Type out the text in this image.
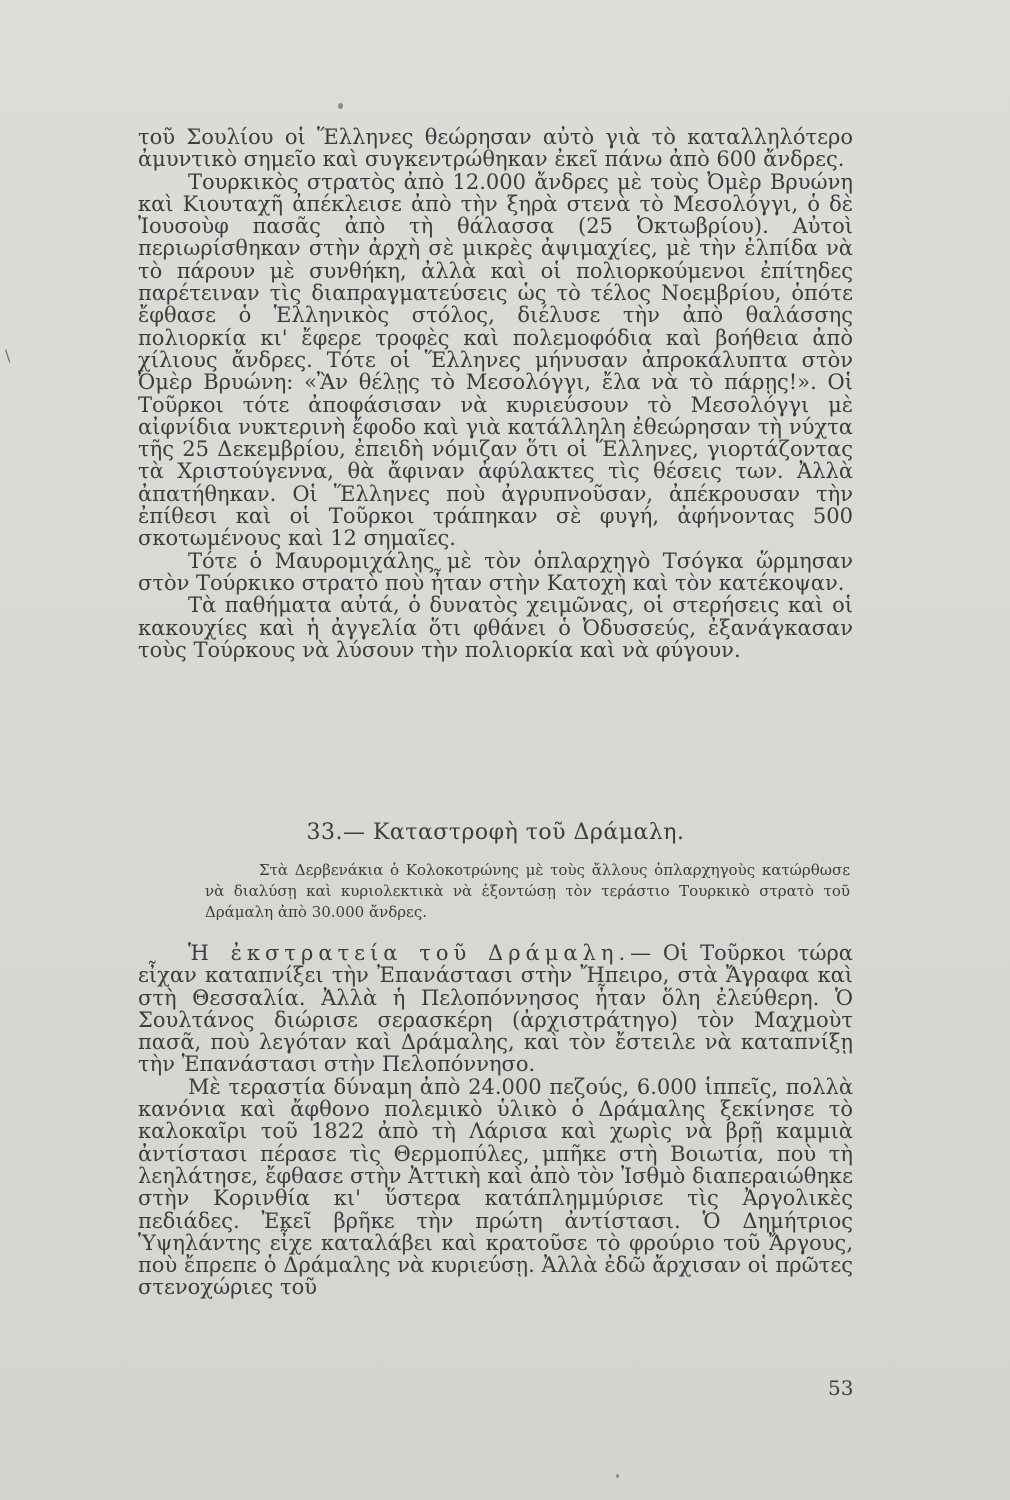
τοῦ Σουλίου οἱ Ἕλληνες θεώρησαν αὐτὸ γιὰ τὸ καταλληλότερο ἀμυντικὸ σημεῖο καὶ συγκεντρώθηκαν ἐκεῖ πάνω ἀπὸ 600 ἄνδρες.

Τουρκικὸς στρατὸς ἀπὸ 12.000 ἄνδρες μὲ τοὺς Ὀμὲρ Βρυώνη καὶ Κιουταχῆ ἀπέκλεισε ἀπὸ τὴν ξηρὰ στενὰ τὸ Μεσολόγγι, ὁ δὲ Ἰουσοὺφ πασᾶς ἀπὸ τὴ θάλασσα (25 Ὀκτωβρίου). Αὐτοὶ περιωρίσθηκαν στὴν ἀρχὴ σὲ μικρὲς ἀψιμαχίες, μὲ τὴν ἐλπίδα νὰ τὸ πάρουν μὲ συνθήκη, ἀλλὰ καὶ οἱ πολιορκούμενοι ἐπίτηδες παρέτειναν τὶς διαπραγματεύσεις ὡς τὸ τέλος Νοεμβρίου, ὁπότε ἔφθασε ὁ Ἑλληνικὸς στόλος, διέλυσε τὴν ἀπὸ θαλάσσης πολιορκία κι' ἔφερε τροφὲς καὶ πολεμοφόδια καὶ βοήθεια ἀπὸ χίλιους ἄνδρες. Τότε οἱ Ἕλληνες μήνυσαν ἀπροκάλυπτα στὸν Ὀμὲρ Βρυώνη: «Ἂν θέλῃς τὸ Μεσολόγγι, ἔλα νὰ τὸ πάρῃς!». Οἱ Τοῦρκοι τότε ἀποφάσισαν νὰ κυριεύσουν τὸ Μεσολόγγι μὲ αἰφνίδια νυκτερινὴ ἔφοδο καὶ γιὰ κατάλληλη ἐθεώρησαν τὴ νύχτα τῆς 25 Δεκεμβρίου, ἐπειδὴ νόμιζαν ὅτι οἱ Ἕλληνες, γιορτάζοντας τὰ Χριστούγεννα, θὰ ἄφιναν ἀφύλακτες τὶς θέσεις των. Ἀλλὰ ἀπατήθηκαν. Οἱ Ἕλληνες ποὺ ἀγρυπνοῦσαν, ἀπέκρουσαν τὴν ἐπίθεσι καὶ οἱ Τοῦρκοι τράπηκαν σὲ φυγή, ἀφήνοντας 500 σκοτωμένους καὶ 12 σημαῖες.

Τότε ὁ Μαυρομιχάλης μὲ τὸν ὁπλαρχηγὸ Τσόγκα ὥρμησαν στὸν Τούρκικο στρατὸ ποὺ ἦταν στὴν Κατοχὴ καὶ τὸν κατέκοψαν.

Τὰ παθήματα αὐτά, ὁ δυνατὸς χειμῶνας, οἱ στερήσεις καὶ οἱ κακουχίες καὶ ἡ ἀγγελία ὅτι φθάνει ὁ Ὀδυσσεύς, ἐξανάγκασαν τοὺς Τούρκους νὰ λύσουν τὴν πολιορκία καὶ νὰ φύγουν.

33.— Καταστροφὴ τοῦ Δράμαλη.

Στὰ Δερβενάκια ὁ Κολοκοτρώνης μὲ τοὺς ἄλλους ὁπλαρχηγοὺς κατώρθωσε νὰ διαλύσῃ καὶ κυριολεκτικὰ νὰ ἐξοντώσῃ τὸν τεράστιο Τουρκικὸ στρατὸ τοῦ Δράμαλη ἀπὸ 30.000 ἄνδρες.

Ἡ ἐκστρατεία τοῦ Δράμαλη.— Οἱ Τοῦρκοι τώρα εἶχαν καταπνίξει τὴν Ἐπανάστασι στὴν Ἤπειρο, στὰ Ἄγραφα καὶ στὴ Θεσσαλία. Ἀλλὰ ἡ Πελοπόννησος ἦταν ὅλη ἐλεύθερη. Ὁ Σουλτάνος διώρισε σερασκέρη (ἀρχιστράτηγο) τὸν Μαχμοὺτ πασᾶ, ποὺ λεγόταν καὶ Δράμαλης, καὶ τὸν ἔστειλε νὰ καταπνίξῃ τὴν Ἐπανάστασι στὴν Πελοπόννησο.

Μὲ τεραστία δύναμη ἀπὸ 24.000 πεζούς, 6.000 ἱππεῖς, πολλὰ κανόνια καὶ ἄφθονο πολεμικὸ ὑλικὸ ὁ Δράμαλης ξεκίνησε τὸ καλοκαῖρι τοῦ 1822 ἀπὸ τὴ Λάρισα καὶ χωρὶς νὰ βρῇ καμμιὰ ἀντίστασι πέρασε τὶς Θερμοπύλες, μπῆκε στὴ Βοιωτία, ποὺ τὴ λεηλάτησε, ἔφθασε στὴν Ἀττικὴ καὶ ἀπὸ τὸν Ἰσθμὸ διαπεραιώθηκε στὴν Κορινθία κι' ὕστερα κατάπλημμύρισε τὶς Ἀργολικὲς πεδιάδες. Ἐκεῖ βρῆκε τὴν πρώτη ἀντίστασι. Ὁ Δημήτριος Ὑψηλάντης εἶχε καταλάβει καὶ κρατοῦσε τὸ φρούριο τοῦ Ἄργους, ποὺ ἔπρεπε ὁ Δράμαλης νὰ κυριεύσῃ. Ἀλλὰ ἐδῶ ἄρχισαν οἱ πρῶτες στενοχώριες τοῦ

53

\
